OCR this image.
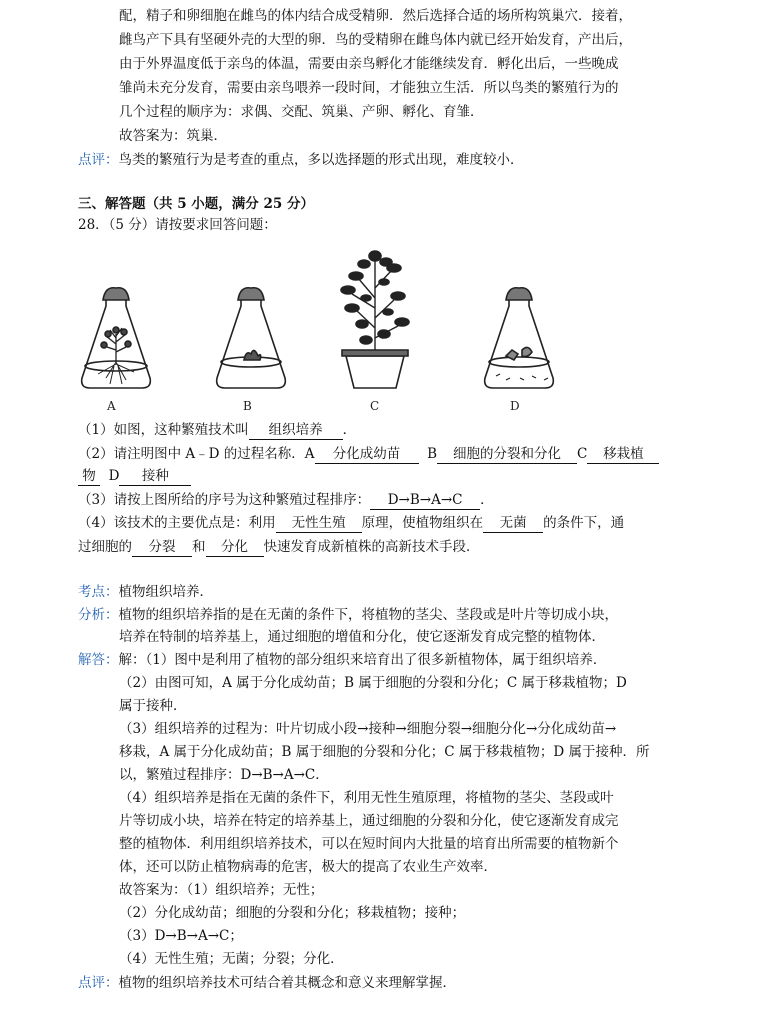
配，精子和卵细胞在雌鸟的体内结合成受精卵．然后选择合适的场所构筑巢穴．接着，
雌鸟产下具有坚硬外壳的大型的卵．鸟的受精卵在雌鸟体内就已经开始发育，产出后，
由于外界温度低于亲鸟的体温，需要由亲鸟孵化才能继续发育．孵化出后，一些晚成
雏尚未充分发育，需要由亲鸟喂养一段时间，才能独立生活．所以鸟类的繁殖行为的
几个过程的顺序为：求偶、交配、筑巢、产卵、孵化、育雏．
故答案为：筑巢．
点评：鸟类的繁殖行为是考查的重点，多以选择题的形式出现，难度较小．
三、解答题（共 5 小题，满分 25 分）
28．（5 分）请按要求回答问题：
A	B	C	D
（1）如图，这种繁殖技术叫 组织培养 ．
（2）请注明图中 A﹣D 的过程名称．A 分化成幼苗 B 细胞的分裂和分化 C 移栽植
物 D 接种
（3）请按上图所给的序号为这种繁殖过程排序： D→B→A→C ．
（4）该技术的主要优点是：利用 无性生殖 原理，使植物组织在 无菌 的条件下，通
过细胞的 分裂 和 分化 快速发育成新植株的高新技术手段．
考点：植物组织培养．
分析：植物的组织培养指的是在无菌的条件下，将植物的茎尖、茎段或是叶片等切成小块，
培养在特制的培养基上，通过细胞的增值和分化，使它逐渐发育成完整的植物体．
解答：解：（1）图中是利用了植物的部分组织来培育出了很多新植物体，属于组织培养．
（2）由图可知，A 属于分化成幼苗；B 属于细胞的分裂和分化；C 属于移栽植物；D
属于接种．
（3）组织培养的过程为：叶片切成小段→接种→细胞分裂→细胞分化→分化成幼苗→
移栽，A 属于分化成幼苗；B 属于细胞的分裂和分化；C 属于移栽植物；D 属于接种．所
以，繁殖过程排序：D→B→A→C．
（4）组织培养是指在无菌的条件下，利用无性生殖原理，将植物的茎尖、茎段或叶
片等切成小块，培养在特定的培养基上，通过细胞的分裂和分化，使它逐渐发育成完
整的植物体．利用组织培养技术，可以在短时间内大批量的培育出所需要的植物新个
体，还可以防止植物病毒的危害，极大的提高了农业生产效率．
故答案为：（1）组织培养；无性；
（2）分化成幼苗；细胞的分裂和分化；移栽植物；接种；
（3）D→B→A→C；
（4）无性生殖；无菌；分裂；分化．
点评：植物的组织培养技术可结合着其概念和意义来理解掌握．
